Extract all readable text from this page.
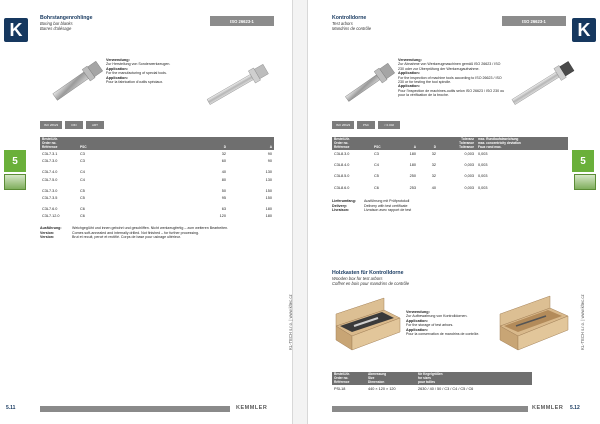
K
5
Bohrstangenrohlinge
Boring bar blanks
Barres d'alésage
ISO 26623-1
Verwendung:
Zur Herstellung von Sonderwerkzeugen.
Application:
For the manufacturing of special tools.
Application:
Pour la fabrication d'outils spéciaux.
ISO 26623	DIN	ART
Bestell-Nr.
Order no.
Référence	PSC	D	A
C3L7.3.1	C3	32	90
C3L7.3.0	C3	60	90

C3L7.4.0	C4	40	130
C3L7.5.0	C4	80	130

C3L7.3.0	C5	50	150
C3L7.3.5	C5	95	150

C3L7.6.0	C6	63	180
C3L7.12.0	C6	120	180
Ausführung:	Weichgeglüht und innen gebohrt und geschliffen. Nicht werkzeugfertig – zum weiteren Bearbeiten.
Version:	Comes soft-annealed and internally drilled. Not finished – for further processing.
Version:	Brut et recuit, percé et rectifié. Corps de base pour usinage ultérieur.
5.11	KEMMLER
KL-TECH s.r.o. | www.kltec.cz
Kontrolldorne
Test arbors
Mandrins de contrôle
ISO 26623-1
Verwendung:
Zur Abnahme von Werkzeugmaschinen gemäß ISO 26623 / ISO 230 oder zur Überprüfung der Werkzeugaufnahme.
Application:
For the inspection of machine tools according to ISO 26623 / ISO 230 or for testing the tool spindle.
Application:
Pour l'inspection de machines-outils selon ISO 26623 / ISO 230 ou pour la vérification de la broche.
ISO 26623	PSC	< 0.002
Bestell-Nr.
Order no.
Référence	PSC	A	D	Toleranz
Tolerance
Tolérance	max. Rundlaufabweichung
max. concentricity deviation
Faux rond max.
C3L8.3.0	C3	180	32	0,003	0,003

C3L8.4.0	C4	180	32	0,003	0,003

C3L8.5.0	C5	250	32	0,003	0,003

C3L8.6.0	C6	253	40	0,003	0,003
Lieferumfang:	Ausführung mit Prüfprotokoll
Delivery:	Delivery with test certificate
Livraison:	Livraison avec rapport de test
Holzkasten für Kontrolldorne
Wooden box for test arbors
Coffret en bois pour mandrins de contrôle
Verwendung:
Zur Aufbewahrung von Kontrolldornen.
Application:
For the storage of test arbors.
Application:
Pour la conservation de mandrins de contrôle.
Bestell-Nr.
Order no.
Référence	Abmessung
Size
Dimension	für Kegelgrößen
for sizes
pour tailles
PSL18	440 × 120 × 120	2630 / 40 / 50 / C3 / C4 / C5 / C6
KEMMLER 5.12
K
5
KL-TECH s.r.o. | www.kltec.cz
